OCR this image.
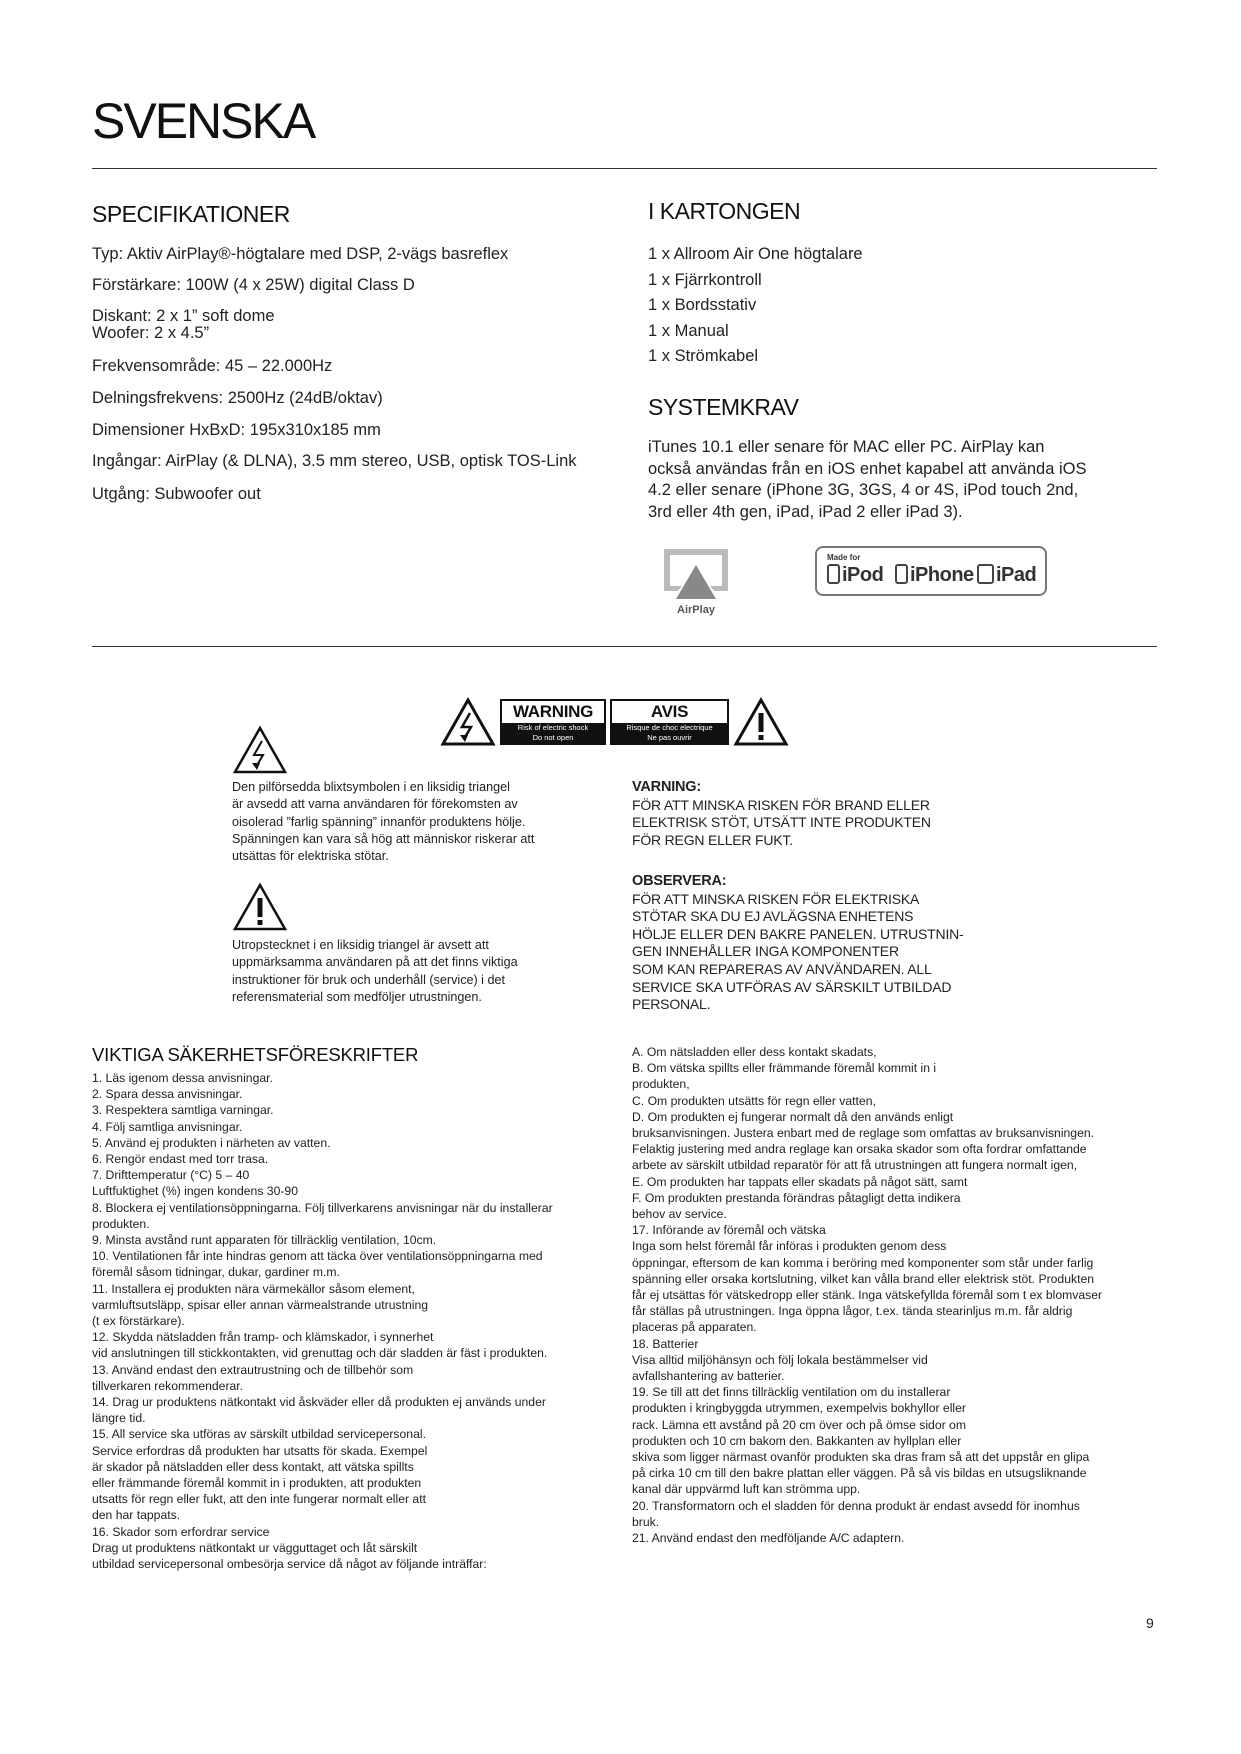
SVENSKA
SPECIFIKATIONER
Typ: Aktiv AirPlay®-högtalare med DSP, 2-vägs basreflex
Förstärkare: 100W (4 x 25W) digital Class D
Diskant: 2 x 1” soft dome
Woofer: 2 x 4.5”
Frekvensområde: 45 – 22.000Hz
Delningsfrekvens: 2500Hz (24dB/oktav)
Dimensioner HxBxD: 195x310x185 mm
Ingångar: AirPlay (& DLNA), 3.5 mm stereo, USB, optisk TOS-Link
Utgång: Subwoofer out
I KARTONGEN
1 x Allroom Air One högtalare
1 x Fjärrkontroll
1 x Bordsstativ
1 x Manual
1 x Strömkabel
SYSTEMKRAV
iTunes 10.1 eller senare för MAC eller PC. AirPlay kan också användas från en iOS enhet kapabel att använda iOS 4.2 eller senare (iPhone 3G, 3GS, 4 or 4S, iPod touch 2nd, 3rd eller 4th gen, iPad, iPad 2 eller iPad 3).
AirPlay
Made for
iPod	iPhone	iPad
WARNING
Risk of electric shock
Do not open
AVIS
Risque de choc electrique
Ne pas ouvrir
Den pilförsedda blixtsymbolen i en liksidig triangel
är avsedd att varna användaren för förekomsten av
oisolerad ”farlig spänning” innanför produktens hölje.
Spänningen kan vara så hög att människor riskerar att
utsättas för elektriska stötar.
Utropstecknet i en liksidig triangel är avsett att
uppmärksamma användaren på att det finns viktiga
instruktioner för bruk och underhåll (service) i det
referensmaterial som medföljer utrustningen.
VARNING:
FÖR ATT MINSKA RISKEN FÖR BRAND ELLER
ELEKTRISK STÖT, UTSÄTT INTE PRODUKTEN
FÖR REGN ELLER FUKT.
OBSERVERA:
FÖR ATT MINSKA RISKEN FÖR ELEKTRISKA
STÖTAR SKA DU EJ AVLÄGSNA ENHETENS
HÖLJE ELLER DEN BAKRE PANELEN. UTRUSTNIN-
GEN INNEHÅLLER INGA KOMPONENTER
SOM KAN REPARERAS AV ANVÄNDAREN. ALL
SERVICE SKA UTFÖRAS AV SÄRSKILT UTBILDAD
PERSONAL.
VIKTIGA SÄKERHETSFÖRESKRIFTER
1. Läs igenom dessa anvisningar.
2. Spara dessa anvisningar.
3. Respektera samtliga varningar.
4. Följ samtliga anvisningar.
5. Använd ej produkten i närheten av vatten.
6. Rengör endast med torr trasa.
7. Drifttemperatur (°C) 5 – 40
Luftfuktighet (%) ingen kondens 30-90
8. Blockera ej ventilationsöppningarna. Följ tillverkarens anvisningar när du installerar
produkten.
9. Minsta avstånd runt apparaten för tillräcklig ventilation, 10cm.
10. Ventilationen får inte hindras genom att täcka över ventilationsöppningarna med
föremål såsom tidningar, dukar, gardiner m.m.
11. Installera ej produkten nära värmekällor såsom element,
varmluftsutsläpp, spisar eller annan värmealstrande utrustning
(t ex förstärkare).
12. Skydda nätsladden från tramp- och klämskador, i synnerhet
vid anslutningen till stickkontakten, vid grenuttag och där sladden är fäst i produkten.
13. Använd endast den extrautrustning och de tillbehör som
tillverkaren rekommenderar.
14. Drag ur produktens nätkontakt vid åskväder eller då produkten ej används under
längre tid.
15. All service ska utföras av särskilt utbildad servicepersonal.
Service erfordras då produkten har utsatts för skada. Exempel
är skador på nätsladden eller dess kontakt, att vätska spillts
eller främmande föremål kommit in i produkten, att produkten
utsatts för regn eller fukt, att den inte fungerar normalt eller att
den har tappats.
16. Skador som erfordrar service
Drag ut produktens nätkontakt ur vägguttaget och låt särskilt
utbildad servicepersonal ombesörja service då något av följande inträffar:
A. Om nätsladden eller dess kontakt skadats,
B. Om vätska spillts eller främmande föremål kommit in i
produkten,
C. Om produkten utsätts för regn eller vatten,
D. Om produkten ej fungerar normalt då den används enligt
bruksanvisningen. Justera enbart med de reglage som omfattas av bruksanvisningen.
Felaktig justering med andra reglage kan orsaka skador som ofta fordrar omfattande
arbete av särskilt utbildad reparatör för att få utrustningen att fungera normalt igen,
E. Om produkten har tappats eller skadats på något sätt, samt
F. Om produkten prestanda förändras påtagligt detta indikera
behov av service.
17. Införande av föremål och vätska
Inga som helst föremål får införas i produkten genom dess
öppningar, eftersom de kan komma i beröring med komponenter som står under farlig
spänning eller orsaka kortslutning, vilket kan vålla brand eller elektrisk stöt. Produkten
får ej utsättas för vätskedropp eller stänk. Inga vätskefyllda föremål som t ex blomvaser
får ställas på utrustningen. Inga öppna lågor, t.ex. tända stearinljus m.m. får aldrig
placeras på apparaten.
18. Batterier
Visa alltid miljöhänsyn och följ lokala bestämmelser vid
avfallshantering av batterier.
19. Se till att det finns tillräcklig ventilation om du installerar
produkten i kringbyggda utrymmen, exempelvis bokhyllor eller
rack. Lämna ett avstånd på 20 cm över och på ömse sidor om
produkten och 10 cm bakom den. Bakkanten av hyllplan eller
skiva som ligger närmast ovanför produkten ska dras fram så att det uppstår en glipa
på cirka 10 cm till den bakre plattan eller väggen. På så vis bildas en utsugsliknande
kanal där uppvärmd luft kan strömma upp.
20. Transformatorn och el sladden för denna produkt är endast avsedd för inomhus
bruk.
21. Använd endast den medföljande A/C adaptern.
9
